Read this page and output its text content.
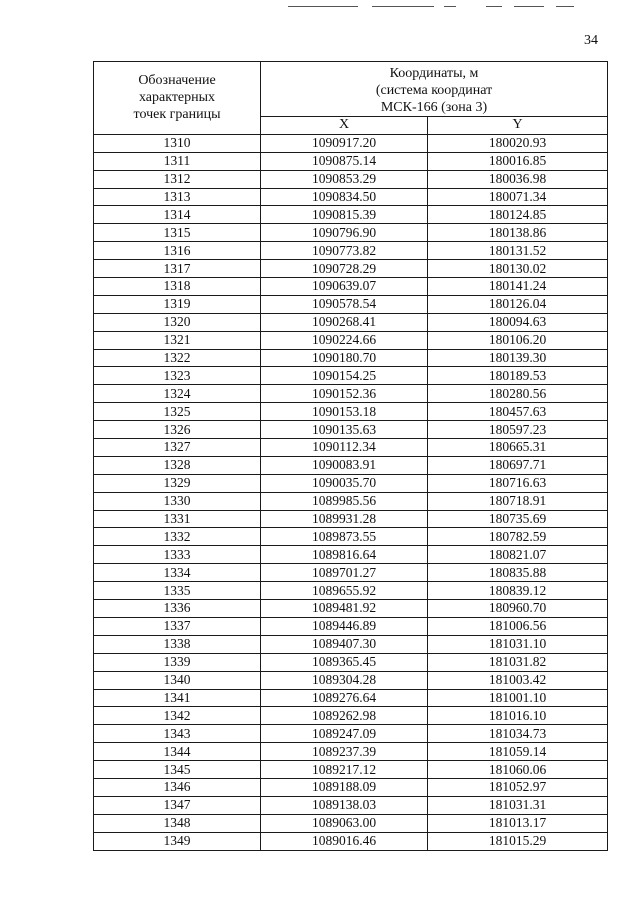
34
Обозначение
характерных
точек границы	Координаты, м
(система координат
МСК-166 (зона 3)	

	X	Y
1310	1090917.20	180020.93
1311	1090875.14	180016.85
1312	1090853.29	180036.98
1313	1090834.50	180071.34
1314	1090815.39	180124.85
1315	1090796.90	180138.86
1316	1090773.82	180131.52
1317	1090728.29	180130.02
1318	1090639.07	180141.24
1319	1090578.54	180126.04
1320	1090268.41	180094.63
1321	1090224.66	180106.20
1322	1090180.70	180139.30
1323	1090154.25	180189.53
1324	1090152.36	180280.56
1325	1090153.18	180457.63
1326	1090135.63	180597.23
1327	1090112.34	180665.31
1328	1090083.91	180697.71
1329	1090035.70	180716.63
1330	1089985.56	180718.91
1331	1089931.28	180735.69
1332	1089873.55	180782.59
1333	1089816.64	180821.07
1334	1089701.27	180835.88
1335	1089655.92	180839.12
1336	1089481.92	180960.70
1337	1089446.89	181006.56
1338	1089407.30	181031.10
1339	1089365.45	181031.82
1340	1089304.28	181003.42
1341	1089276.64	181001.10
1342	1089262.98	181016.10
1343	1089247.09	181034.73
1344	1089237.39	181059.14
1345	1089217.12	181060.06
1346	1089188.09	181052.97
1347	1089138.03	181031.31
1348	1089063.00	181013.17
1349	1089016.46	181015.29
